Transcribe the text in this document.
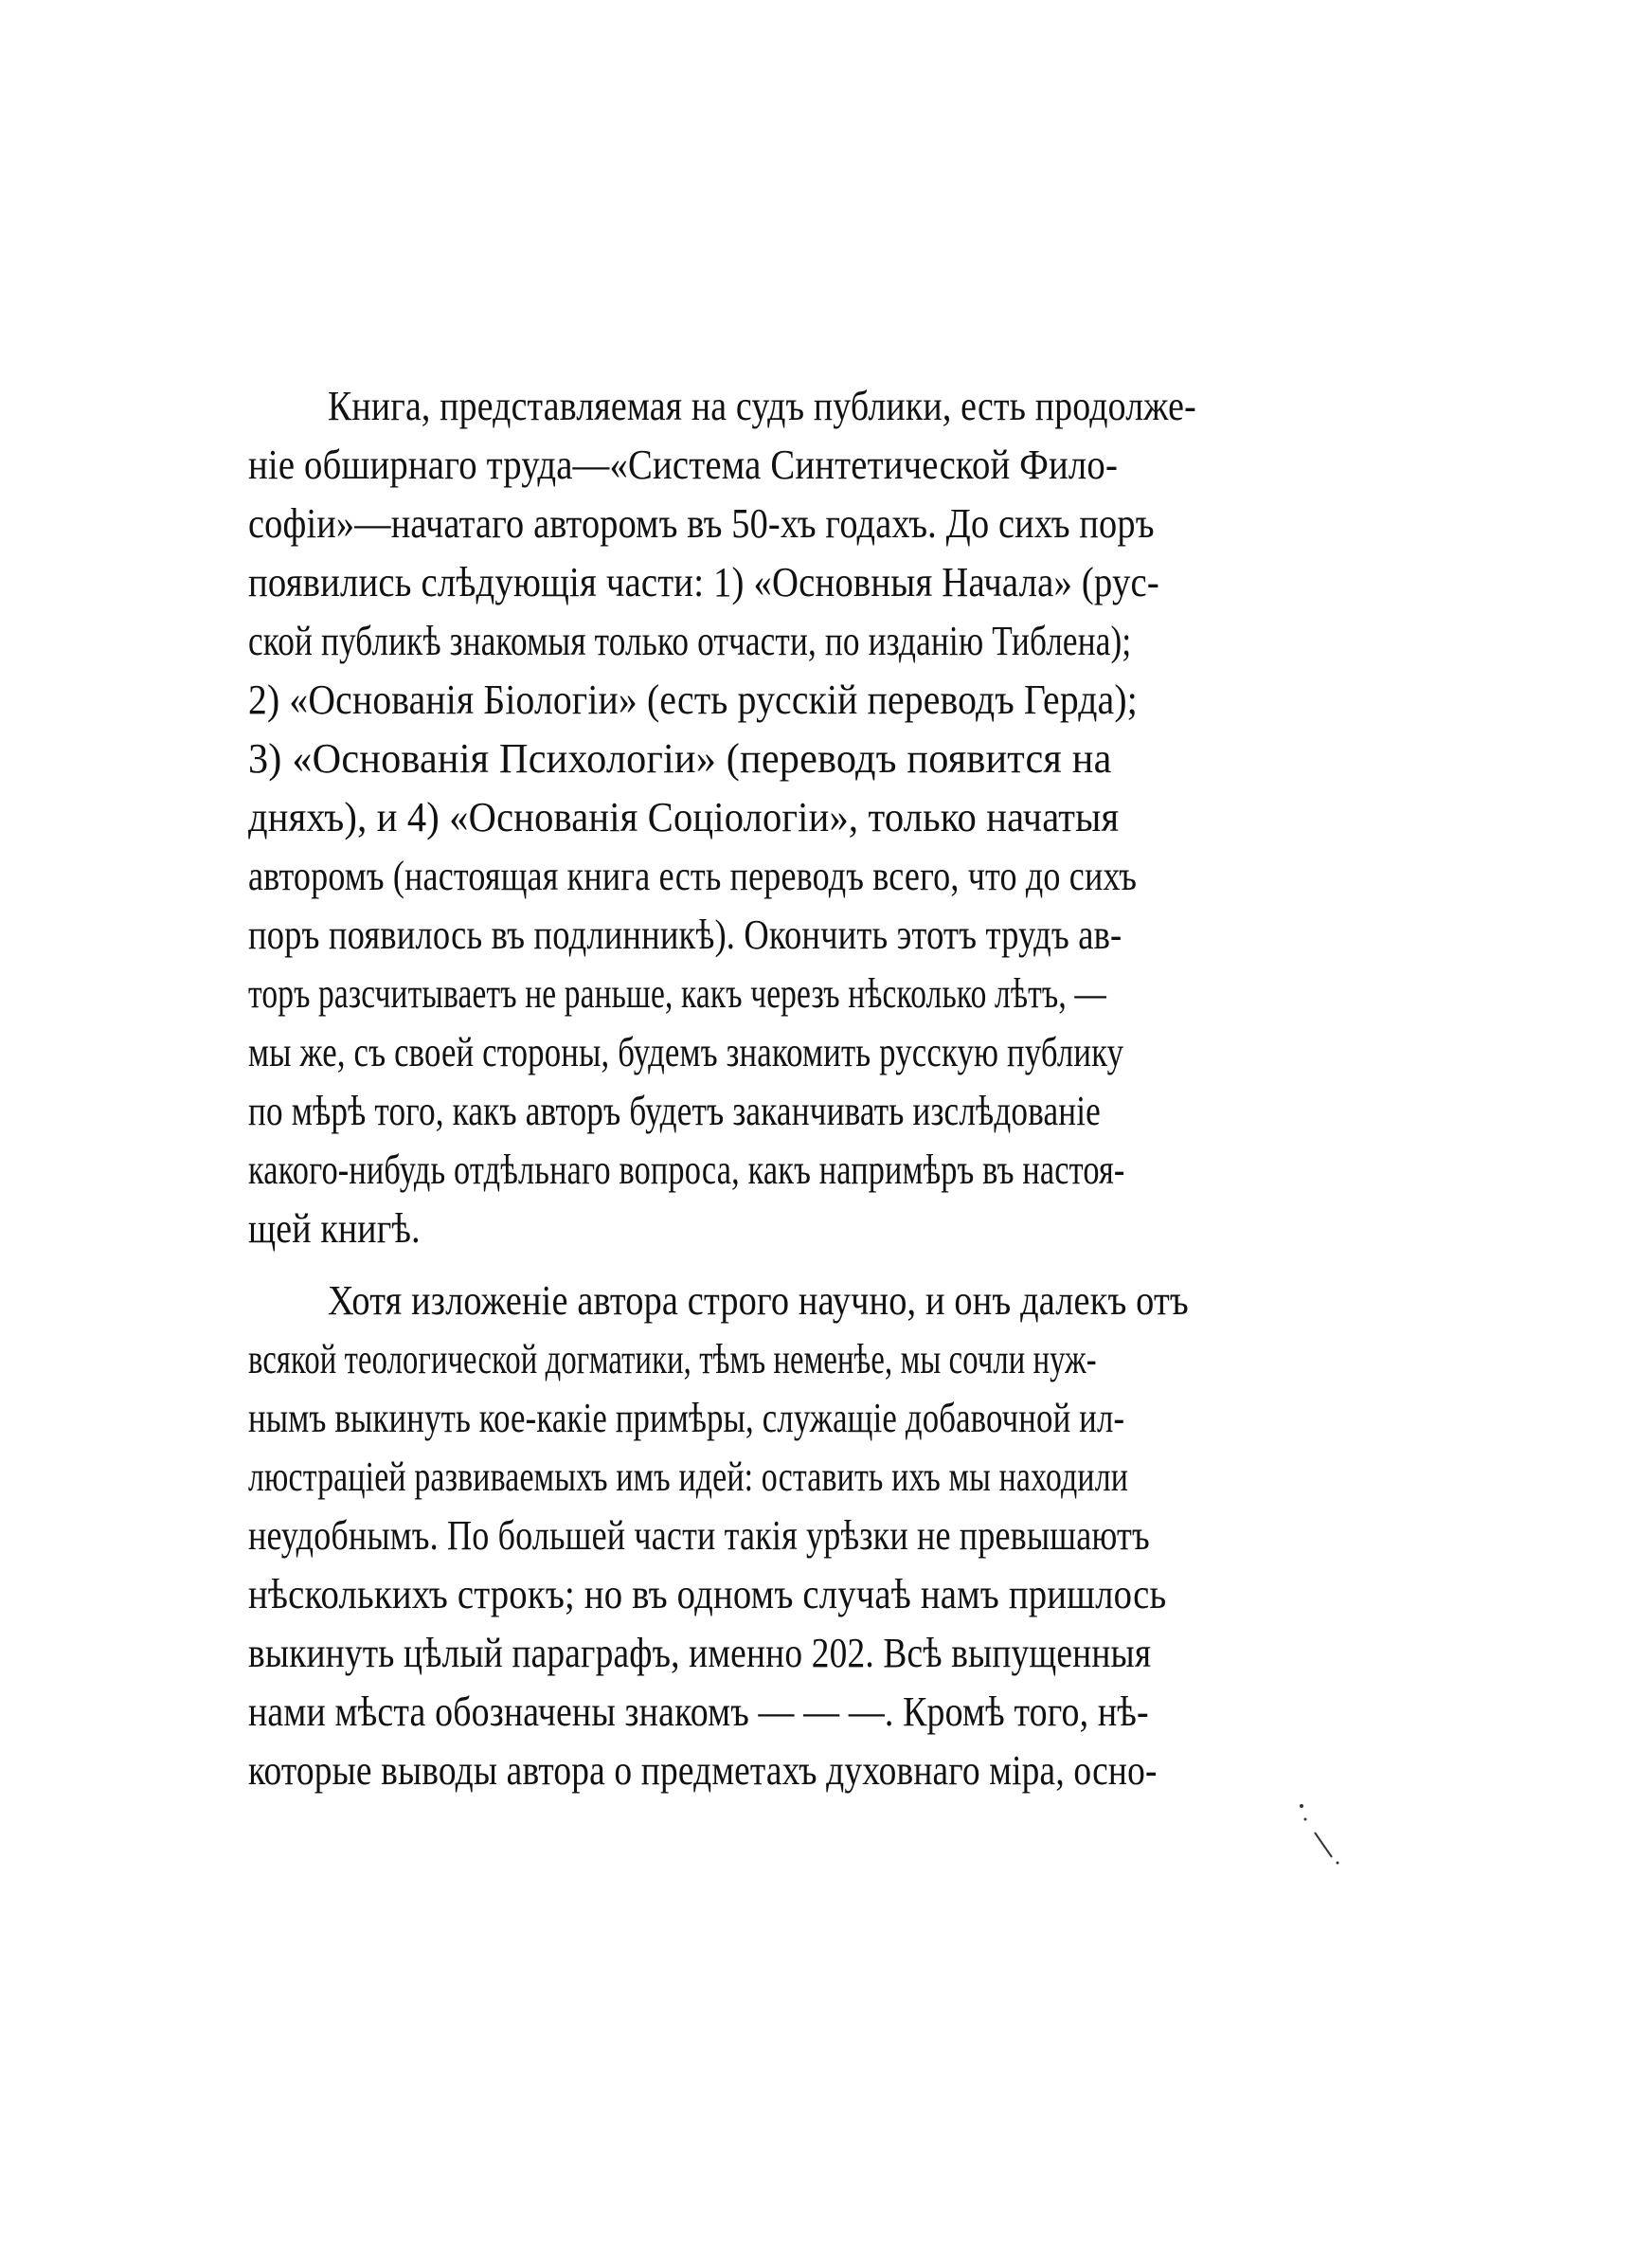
Книга, представляемая на судъ публики, есть продолже-
ніе обширнаго труда—«Система Синтетической Фило-
софіи»—начатаго авторомъ въ 50-хъ годахъ. До сихъ поръ
появились слѣдующія части: 1) «Основныя Начала» (рус-
ской публикѣ знакомыя только отчасти, по изданію Тиблена);
2) «Основанія Біологіи» (есть русскій переводъ Герда);
3) «Основанія Психологіи» (переводъ появится на
дняхъ), и 4) «Основанія Соціологіи», только начатыя
авторомъ (настоящая книга есть переводъ всего, что до сихъ
поръ появилось въ подлинникѣ). Окончить этотъ трудъ ав-
торъ разсчитываетъ не раньше, какъ черезъ нѣсколько лѣтъ, —
мы же, съ своей стороны, будемъ знакомить русскую публику
по мѣрѣ того, какъ авторъ будетъ заканчивать изслѣдованіе
какого-нибудь отдѣльнаго вопроса, какъ напримѣръ въ настоя-
щей книгѣ.
Хотя изложеніе автора строго научно, и онъ далекъ отъ
всякой теологической догматики, тѣмъ неменѣе, мы сочли нуж-
нымъ выкинуть кое-какіе примѣры, служащіе добавочной ил-
люстраціей развиваемыхъ имъ идей: оставить ихъ мы находили
неудобнымъ. По большей части такія урѣзки не превышаютъ
нѣсколькихъ строкъ; но въ одномъ случаѣ намъ пришлось
выкинуть цѣлый параграфъ, именно 202. Всѣ выпущенныя
нами мѣста обозначены знакомъ — — —. Кромѣ того, нѣ-
которые выводы автора о предметахъ духовнаго міра, осно-
